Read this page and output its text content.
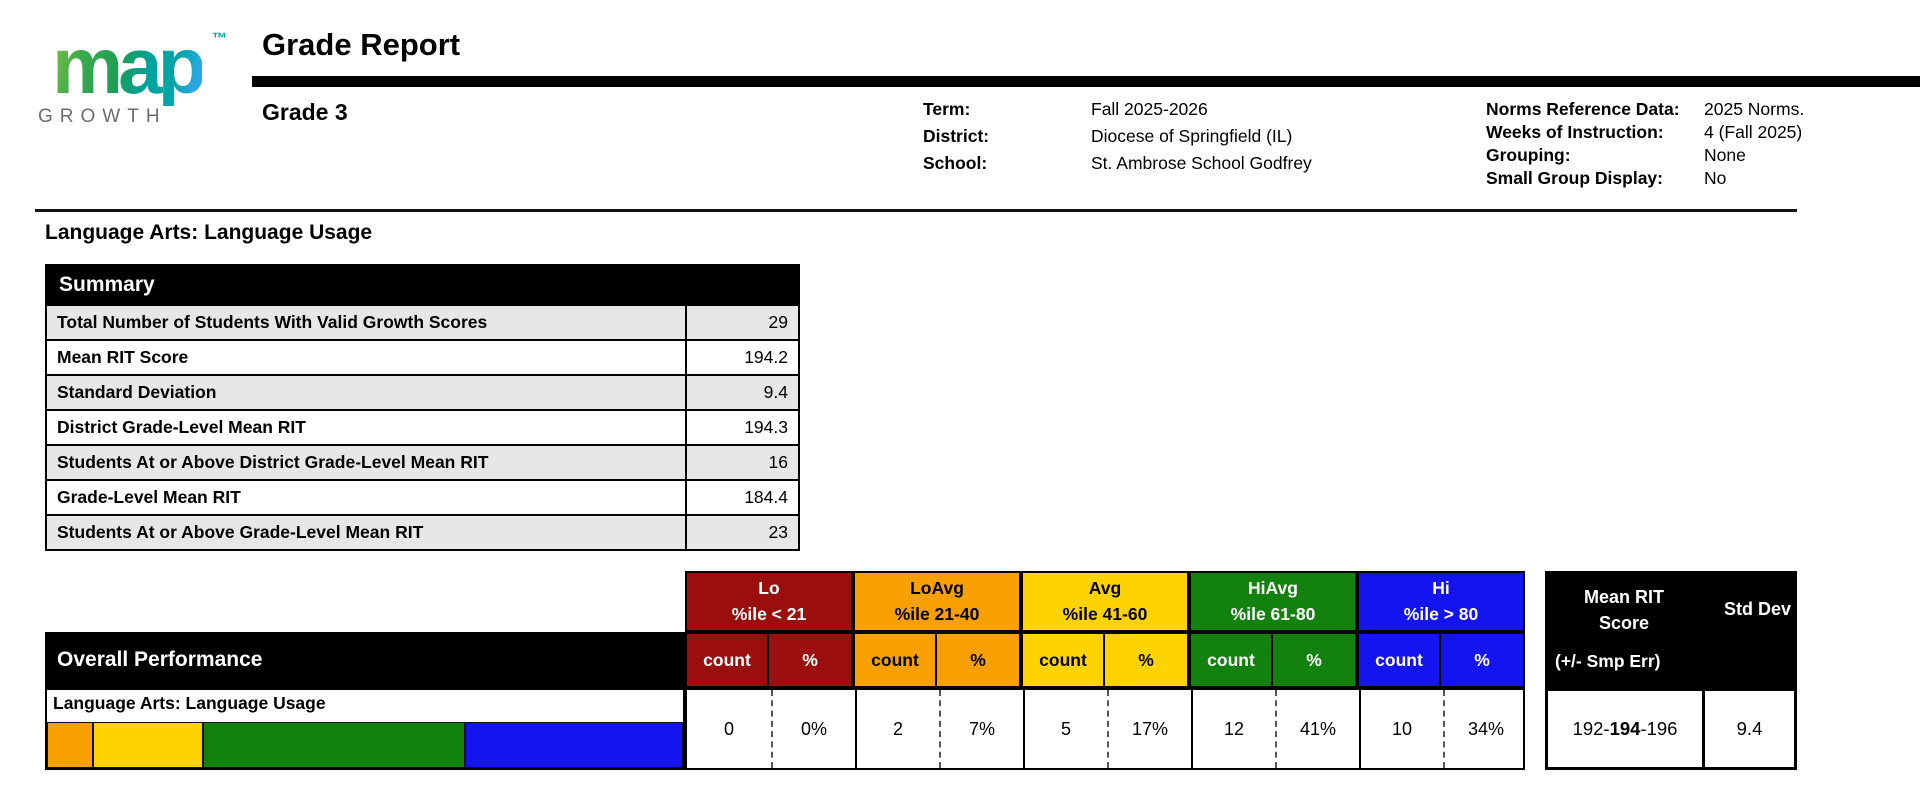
map ™
GROWTH
Grade Report
Grade 3	Term:	Fall 2025-2026
District:	Diocese of Springfield (IL)
School:	St. Ambrose School Godfrey
Norms Reference Data:	2025 Norms.
Weeks of Instruction:	4 (Fall 2025)
Grouping:	None
Small Group Display:	No
Language Arts: Language Usage
Summary
Total Number of Students With Valid Growth Scores	29
Mean RIT Score	194.2
Standard Deviation	9.4
District Grade-Level Mean RIT	194.3
Students At or Above District Grade-Level Mean RIT	16
Grade-Level Mean RIT	184.4
Students At or Above Grade-Level Mean RIT	23
Lo
%ile < 21
LoAvg
%ile 21-40
Avg
%ile 41-60
HiAvg
%ile 61-80
Hi
%ile > 80
Overall Performance	count	%	count	%	count	%	count	%	count	%
Language Arts: Language Usage
0	0%	2	7%	5	17%	12	41%	10	34%
Mean RIT
Score
Std Dev
(+/- Smp Err)
192- 194 -196	9.4
